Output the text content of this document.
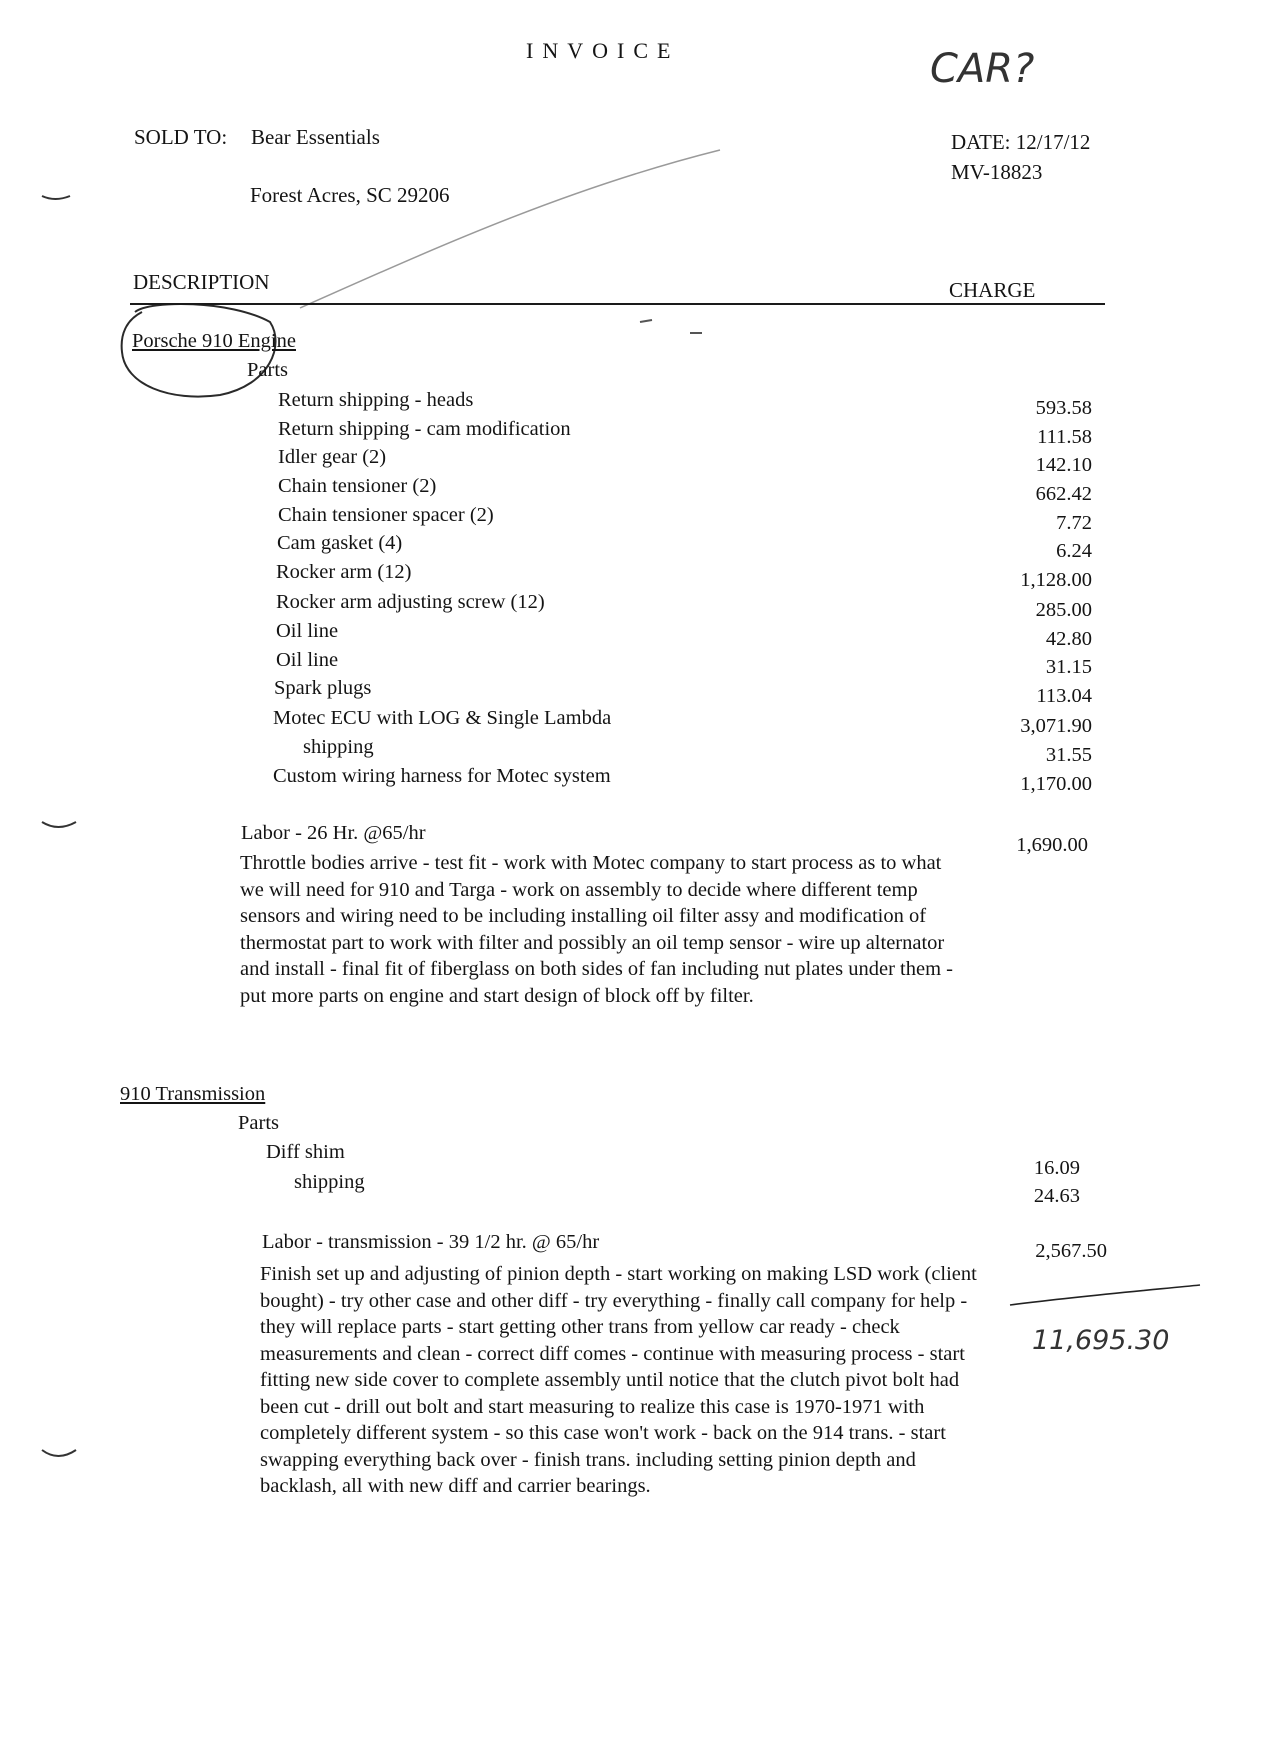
INVOICE	CAR?
SOLD TO: Bear Essentials
Forest Acres, SC 29206
DATE: 12/17/12
MV-18823
DESCRIPTION	CHARGE
Porsche 910 Engine
Parts
Return shipping - heads	593.58
Return shipping - cam modification	111.58
Idler gear (2)	142.10
Chain tensioner (2)	662.42
Chain tensioner spacer (2)	7.72
Cam gasket (4)	6.24
Rocker arm (12)	1,128.00
Rocker arm adjusting screw (12)	285.00
Oil line	42.80
Oil line	31.15
Spark plugs	113.04
Motec ECU with LOG & Single Lambda	3,071.90
shipping	31.55
Custom wiring harness for Motec system	1,170.00
Labor - 26 Hr. @65/hr
1,690.00
Throttle bodies arrive - test fit - work with Motec company to start process as to what we will need for 910 and Targa - work on assembly to decide where different temp sensors and wiring need to be including installing oil filter assy and modification of thermostat part to work with filter and possibly an oil temp sensor - wire up alternator and install - final fit of fiberglass on both sides of fan including nut plates under them - put more parts on engine and start design of block off by filter.
910 Transmission
Parts
Diff shim
16.09
shipping
24.63
Labor - transmission - 39 1/2 hr. @ 65/hr	2,567.50
Finish set up and adjusting of pinion depth - start working on making LSD work (client bought) - try other case and other diff - try everything - finally call company for help - they will replace parts - start getting other trans from yellow car ready - check measurements and clean - correct diff comes - continue with measuring process - start fitting new side cover to complete assembly until notice that the clutch pivot bolt had been cut - drill out bolt and start measuring to realize this case is 1970-1971 with completely different system - so this case won't work - back on the 914 trans. - start swapping everything back over - finish trans. including setting pinion depth and backlash, all with new diff and carrier bearings.
11,695.30
